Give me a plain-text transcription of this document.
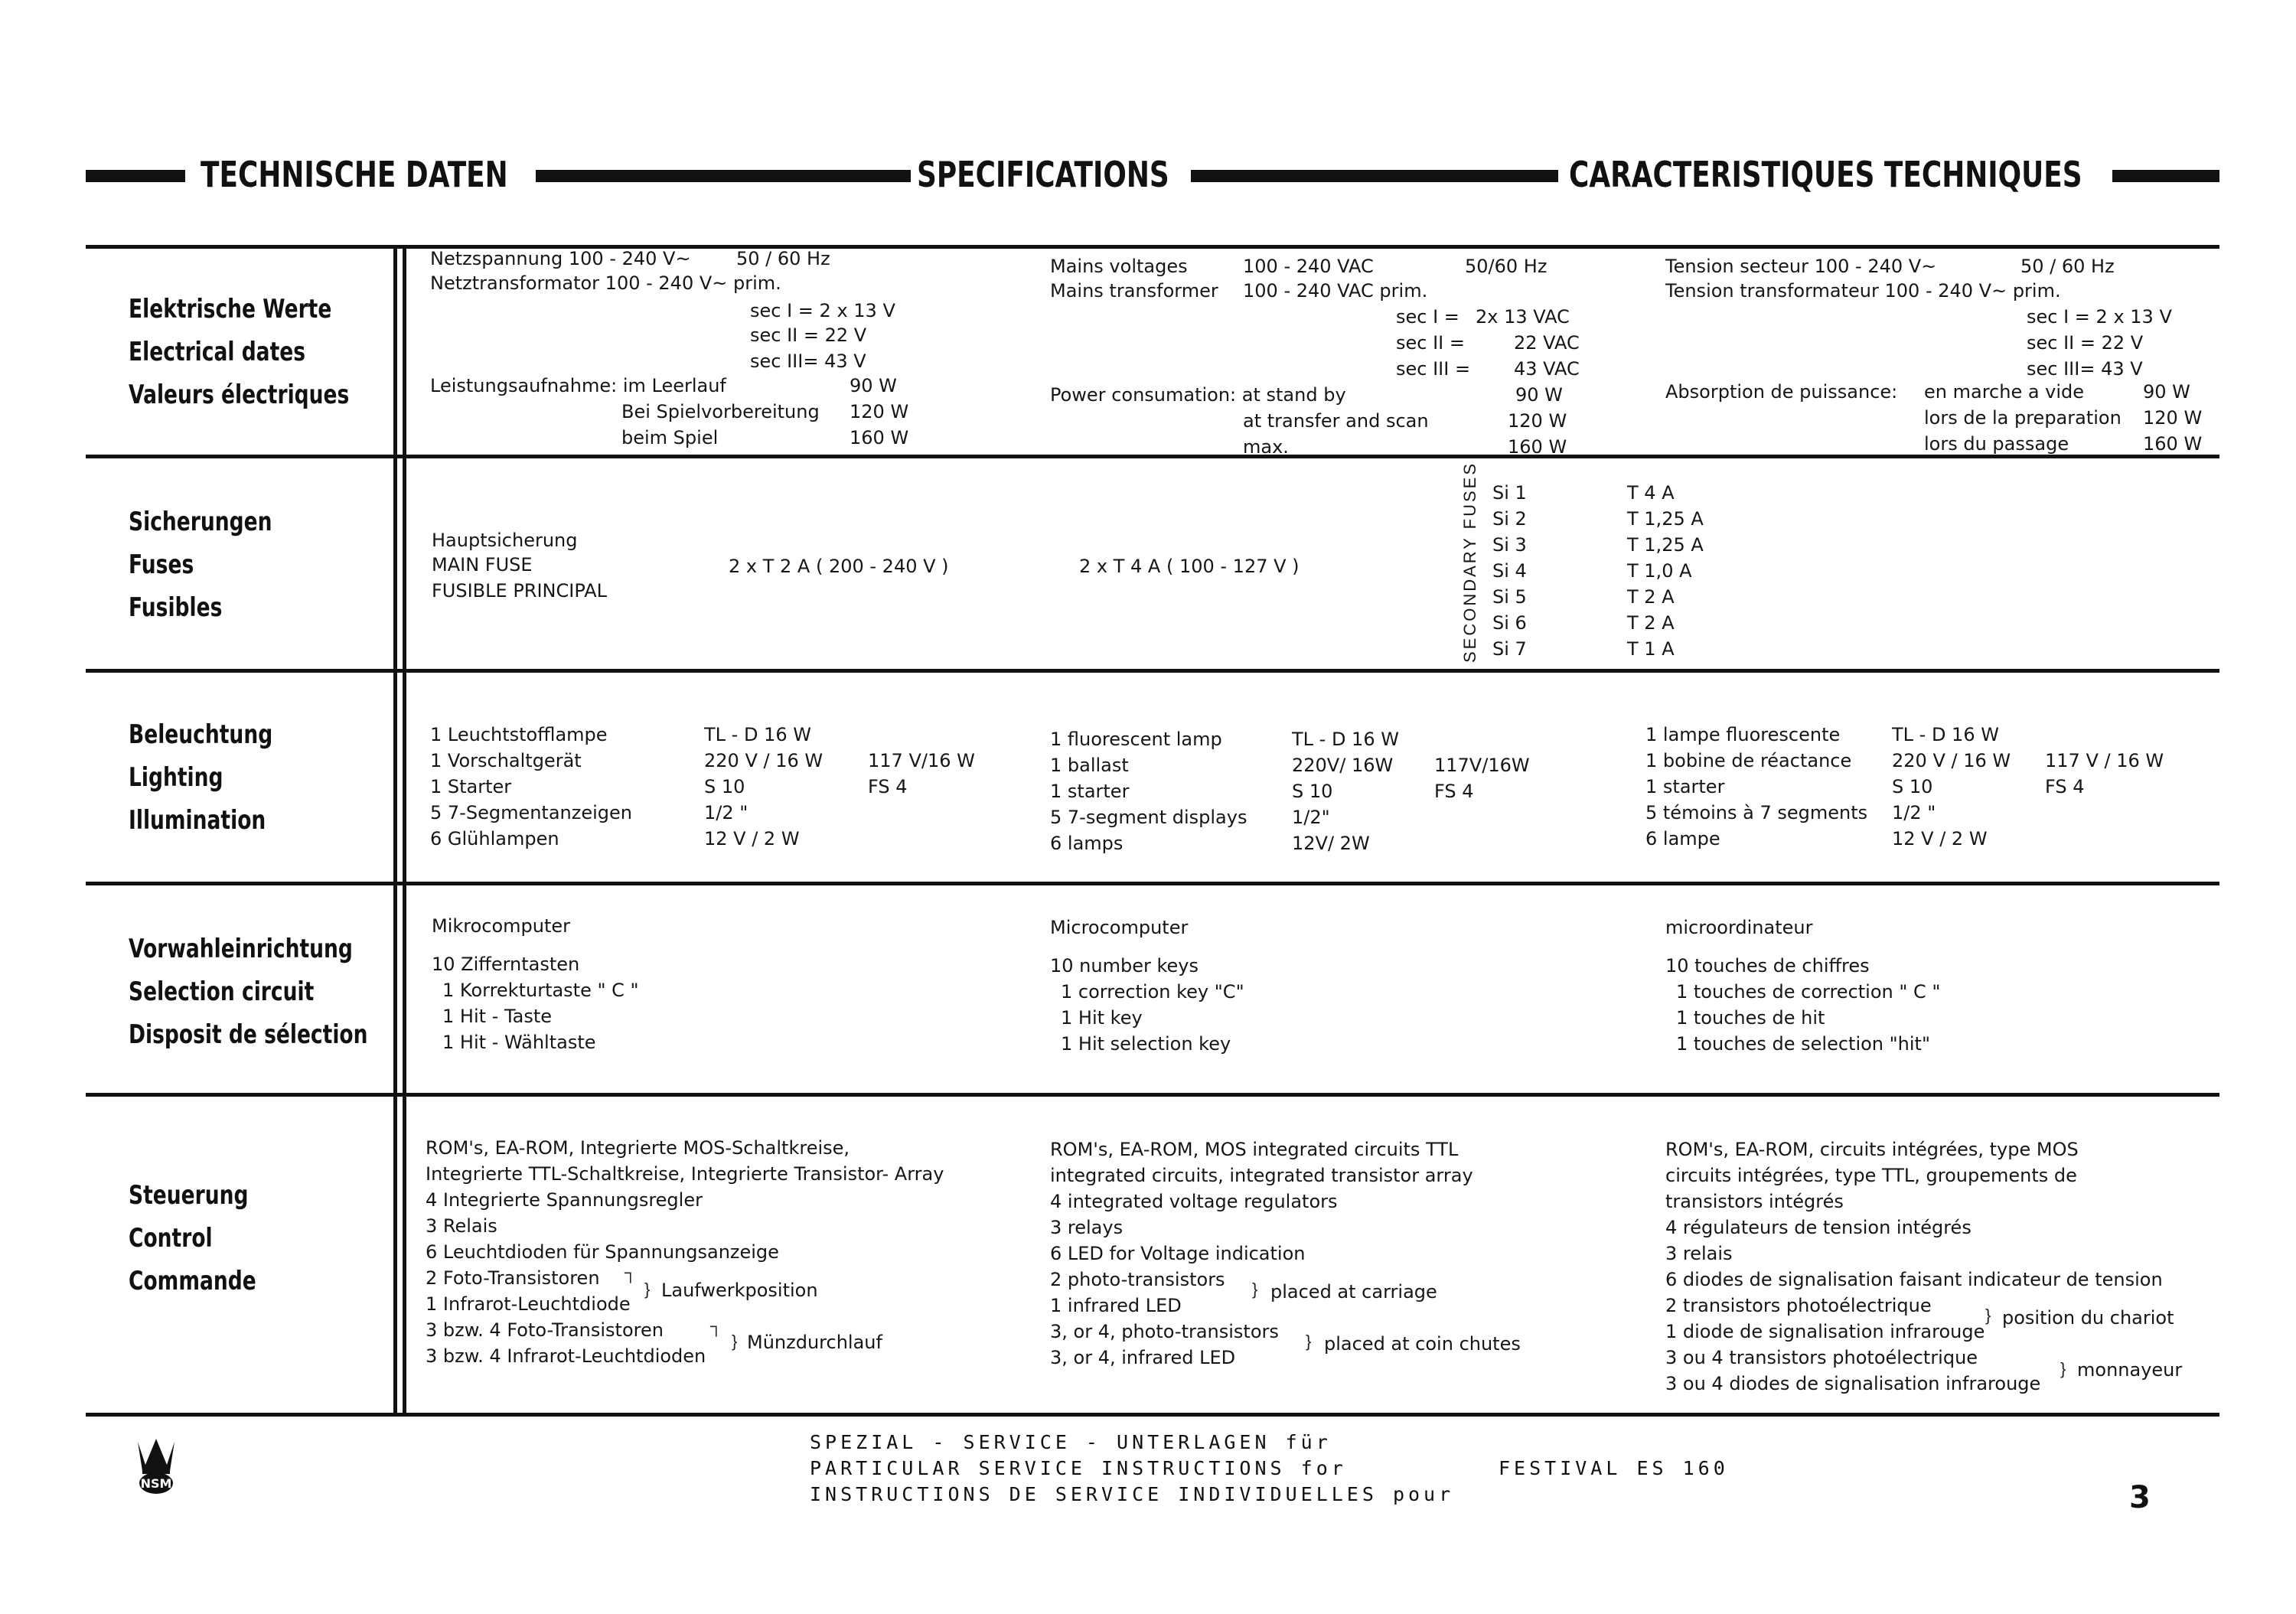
TECHNISCHE DATEN	SPECIFICATIONS	CARACTERISTIQUES TECHNIQUES
Elektrische Werte
Electrical dates
Valeurs électriques
Netzspannung 100 - 240 V~ 50 / 60 Hz
Netztransformator 100 - 240 V~ prim.
sec I = 2 x 13 V
sec II = 22 V
sec III= 43 V
Leistungsaufnahme: im Leerlauf	90 W
Bei Spielvorbereitung 120 W
beim Spiel	160 W
Mains voltages	100 - 240 VAC	50/60 Hz
Mains transformer 100 - 240 VAC prim.
sec I = 2x 13 VAC
sec II =	22 VAC
sec III = 43 VAC
Power consumation: at stand by	90 W
at transfer and scan	120 W
max.	160 W
Tension secteur 100 - 240 V~	50 / 60 Hz
Tension transformateur 100 - 240 V~ prim.
sec I = 2 x 13 V
sec II = 22 V
sec III= 43 V
Absorption de puissance: en marche a vide	90 W
lors de la preparation 120 W
lors du passage	160 W
Sicherungen
Fuses
Fusibles
Hauptsicherung
MAIN FUSE
FUSIBLE PRINCIPAL
2 x T 2 A ( 200 - 240 V )	2 x T 4 A ( 100 - 127 V )	SECONDARY FUSES Si 1	T 4 A
Si 2	T 1,25 A
Si 3	T 1,25 A
Si 4	T 1,0 A
Si 5	T 2 A
Si 6	T 2 A
Si 7	T 1 A
Beleuchtung
Lighting
Illumination
1 Leuchtstofflampe	TL - D 16 W
1 Vorschaltgerät	220 V / 16 W 117 V/16 W
1 Starter	S 10	FS 4
5 7-Segmentanzeigen	1/2 "
6 Glühlampen	12 V / 2 W
1 fluorescent lamp	TL - D 16 W
1 ballast	220V/ 16W 117V/16W
1 starter	S 10	FS 4
5 7-segment displays 1/2"
6 lamps	12V/ 2W
1 lampe fluorescente	TL - D 16 W
1 bobine de réactance 220 V / 16 W 117 V / 16 W
1 starter	S 10	FS 4
5 témoins à 7 segments 1/2 "
6 lampe	12 V / 2 W
Vorwahleinrichtung
Selection circuit
Disposit de sélection
Mikrocomputer
10 Zifferntasten
1 Korrekturtaste " C "
1 Hit - Taste
1 Hit - Wähltaste
Microcomputer
10 number keys
1 correction key "C"
1 Hit key
1 Hit selection key
microordinateur
10 touches de chiffres
1 touches de correction " C "
1 touches de hit
1 touches de selection "hit"
Steuerung
Control
Commande
ROM's, EA-ROM, Integrierte MOS-Schaltkreise,
Integrierte TTL-Schaltkreise, Integrierte Transistor- Array
4 Integrierte Spannungsregler
3 Relais
6 Leuchtdioden für Spannungsanzeige
2 Foto-Transistoren
1 Infrarot-Leuchtdiode
3 bzw. 4 Foto-Transistoren
3 bzw. 4 Infrarot-Leuchtdioden
┐
} Laufwerkposition
┐
} Münzdurchlauf
ROM's, EA-ROM, MOS integrated circuits TTL
integrated circuits, integrated transistor array
4 integrated voltage regulators
3 relays
6 LED for Voltage indication
2 photo-transistors
1 infrared LED
3, or 4, photo-transistors
3, or 4, infrared LED
} placed at carriage
} placed at coin chutes
ROM's, EA-ROM, circuits intégrées, type MOS
circuits intégrées, type TTL, groupements de
transistors intégrés
4 régulateurs de tension intégrés
3 relais
6 diodes de signalisation faisant indicateur de tension
2 transistors photoélectrique
1 diode de signalisation infrarouge
3 ou 4 transistors photoélectrique
3 ou 4 diodes de signalisation infrarouge
} position du chariot
} monnayeur
NSM
SPEZIAL - SERVICE - UNTERLAGEN für
PARTICULAR SERVICE INSTRUCTIONS for
INSTRUCTIONS DE SERVICE INDIVIDUELLES pour
FESTIVAL ES 160
3
